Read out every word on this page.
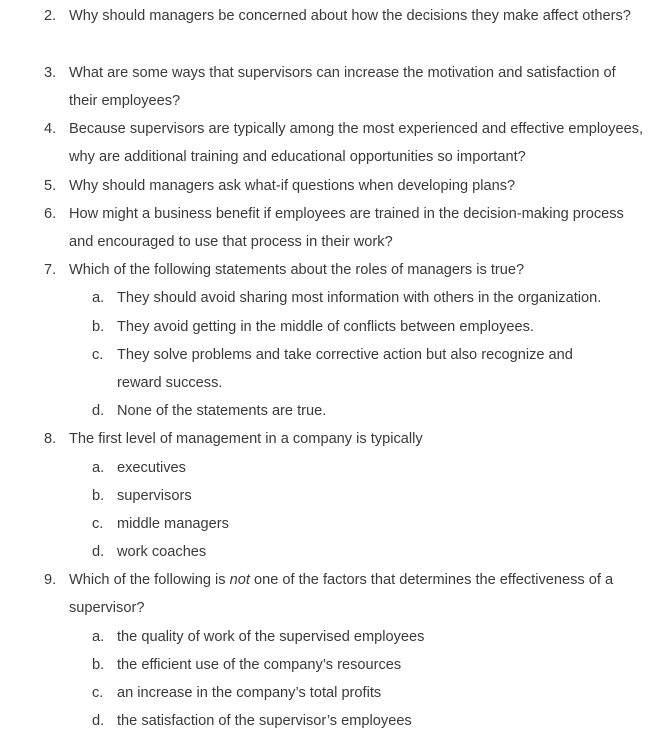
2. Why should managers be concerned about how the decisions they make affect others?
3. What are some ways that supervisors can increase the motivation and satisfaction of their employees?
4. Because supervisors are typically among the most experienced and effective employees, why are additional training and educational opportunities so important?
5. Why should managers ask what-if questions when developing plans?
6. How might a business benefit if employees are trained in the decision-making process and encouraged to use that process in their work?
7. Which of the following statements about the roles of managers is true?
a. They should avoid sharing most information with others in the organization.
b. They avoid getting in the middle of conflicts between employees.
c. They solve problems and take corrective action but also recognize and reward success.
d. None of the statements are true.
8. The first level of management in a company is typically
a. executives
b. supervisors
c. middle managers
d. work coaches
9. Which of the following is not one of the factors that determines the effectiveness of a supervisor?
a. the quality of work of the supervised employees
b. the efficient use of the company’s resources
c. an increase in the company’s total profits
d. the satisfaction of the supervisor’s employees
